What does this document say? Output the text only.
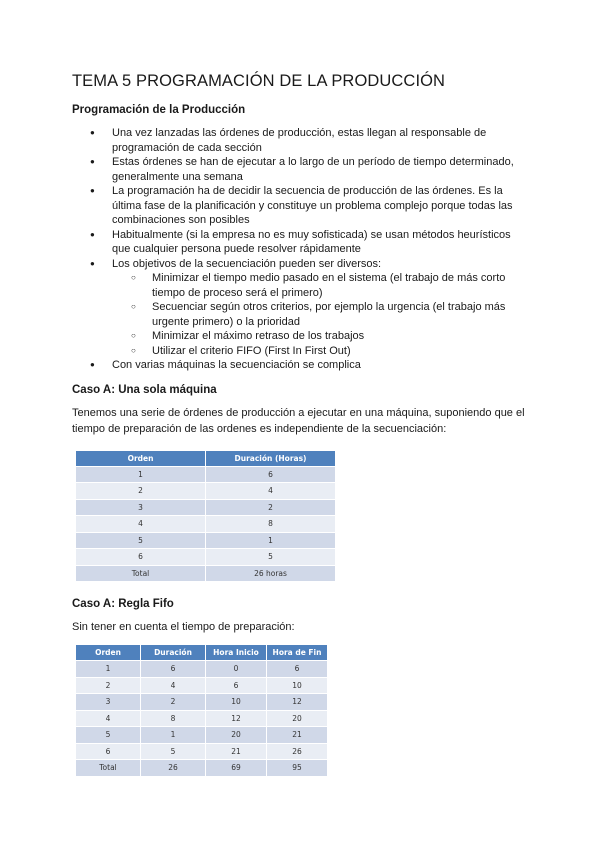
TEMA 5 PROGRAMACIÓN DE LA PRODUCCIÓN
Programación de la Producción
● Una vez lanzadas las órdenes de producción, estas llegan al responsable de programación de cada sección
● Estas órdenes se han de ejecutar a lo largo de un período de tiempo determinado, generalmente una semana
● La programación ha de decidir la secuencia de producción de las órdenes. Es la última fase de la planificación y constituye un problema complejo porque todas las combinaciones son posibles
● Habitualmente (si la empresa no es muy sofisticada) se usan métodos heurísticos que cualquier persona puede resolver rápidamente
● Los objetivos de la secuenciación pueden ser diversos:
○ Minimizar el tiempo medio pasado en el sistema (el trabajo de más corto tiempo de proceso será el primero)
○ Secuenciar según otros criterios, por ejemplo la urgencia (el trabajo más urgente primero) o la prioridad
○ Minimizar el máximo retraso de los trabajos
○ Utilizar el criterio FIFO (First In First Out)
● Con varias máquinas la secuenciación se complica
Caso A: Una sola máquina

Tenemos una serie de órdenes de producción a ejecutar en una máquina, suponiendo que el tiempo de preparación de las ordenes es independiente de la secuenciación:

Orden	Duración (Horas)
1	6
2	4
3	2
4	8
5	1
6	5
Total	26 horas
Caso A: Regla Fifo

Sin tener en cuenta el tiempo de preparación:

Orden	Duración	Hora Inicio	Hora de Fin
1	6	0	6
2	4	6	10
3	2	10	12
4	8	12	20
5	1	20	21
6	5	21	26
Total	26	69	95
